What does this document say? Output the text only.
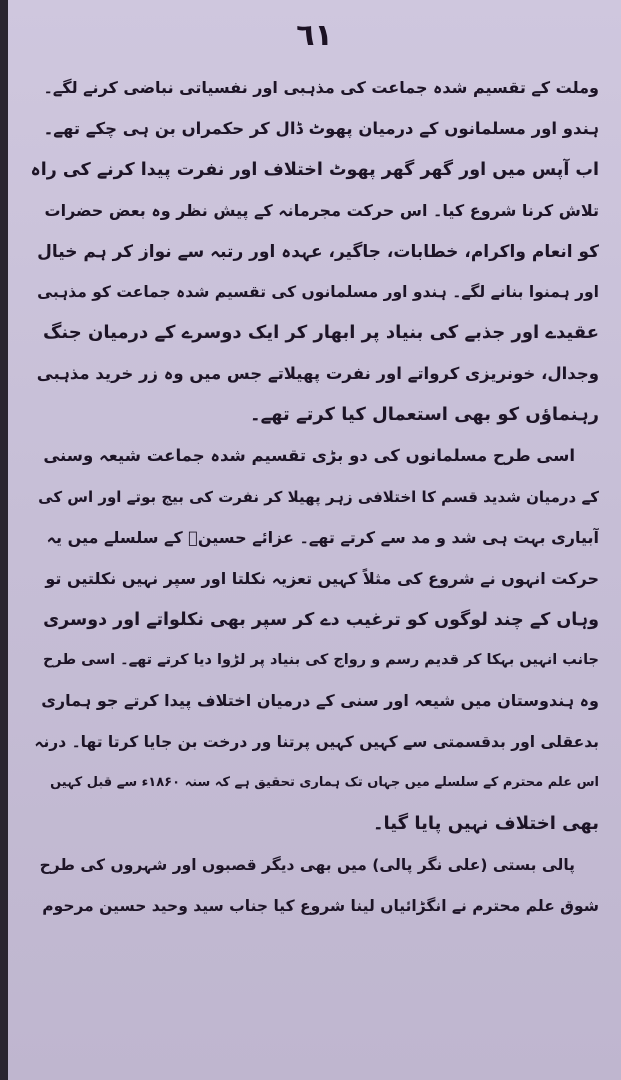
٦١
وملت کے تقسیم شدہ جماعت کی مذہبی اور نفسیاتی نباضی کرنے لگے۔
ہندو اور مسلمانوں کے درمیان پھوٹ ڈال کر حکمراں بن ہی چکے تھے۔
اب آپس میں اور گھر گھر پھوٹ اختلاف اور نفرت پیدا کرنے کی راہ
تلاش کرنا شروع کیا۔ اس حرکت مجرمانہ کے پیش نظر وہ بعض حضرات
کو انعام واکرام، خطابات، جاگیر، عہدہ اور رتبہ سے نواز کر ہم خیال
اور ہمنوا بنانے لگے۔ ہندو اور مسلمانوں کی تقسیم شدہ جماعت کو مذہبی
عقیدے اور جذبے کی بنیاد پر ابھار کر ایک دوسرے کے درمیان جنگ
وجدال، خونریزی کرواتے اور نفرت پھیلاتے جس میں وہ زر خرید مذہبی
رہنماؤں کو بھی استعمال کیا کرتے تھے۔
اسی طرح مسلمانوں کی دو بڑی تقسیم شدہ جماعت شیعہ وسنی
کے درمیان شدید قسم کا اختلافی زہر پھیلا کر نفرت کی بیج بوتے اور اس کی
آبیاری بہت ہی شد و مد سے کرتے تھے۔ عزائے حسینؑ کے سلسلے میں یہ
حرکت انہوں نے شروع کی مثلاً کہیں تعزیہ نکلتا اور سپر نہیں نکلتیں تو
وہاں کے چند لوگوں کو ترغیب دے کر سپر بھی نکلواتے اور دوسری
جانب انہیں بہکا کر قدیم رسم و رواج کی بنیاد پر لڑوا دیا کرتے تھے۔ اسی طرح
وہ ہندوستان میں شیعہ اور سنی کے درمیان اختلاف پیدا کرتے جو ہماری
بدعقلی اور بدقسمتی سے کہیں کہیں پرتنا ور درخت بن جایا کرتا تھا۔ درنہ
اس علم محترم کے سلسلے میں جہاں تک ہماری تحقیق ہے کہ سنہ ۱۸۶۰ء سے قبل کہیں
بھی اختلاف نہیں پایا گیا۔
پالی بستی (علی نگر پالی) میں بھی دیگر قصبوں اور شہروں کی طرح
شوق علم محترم نے انگڑائیاں لینا شروع کیا جناب سید وحید حسین مرحوم
